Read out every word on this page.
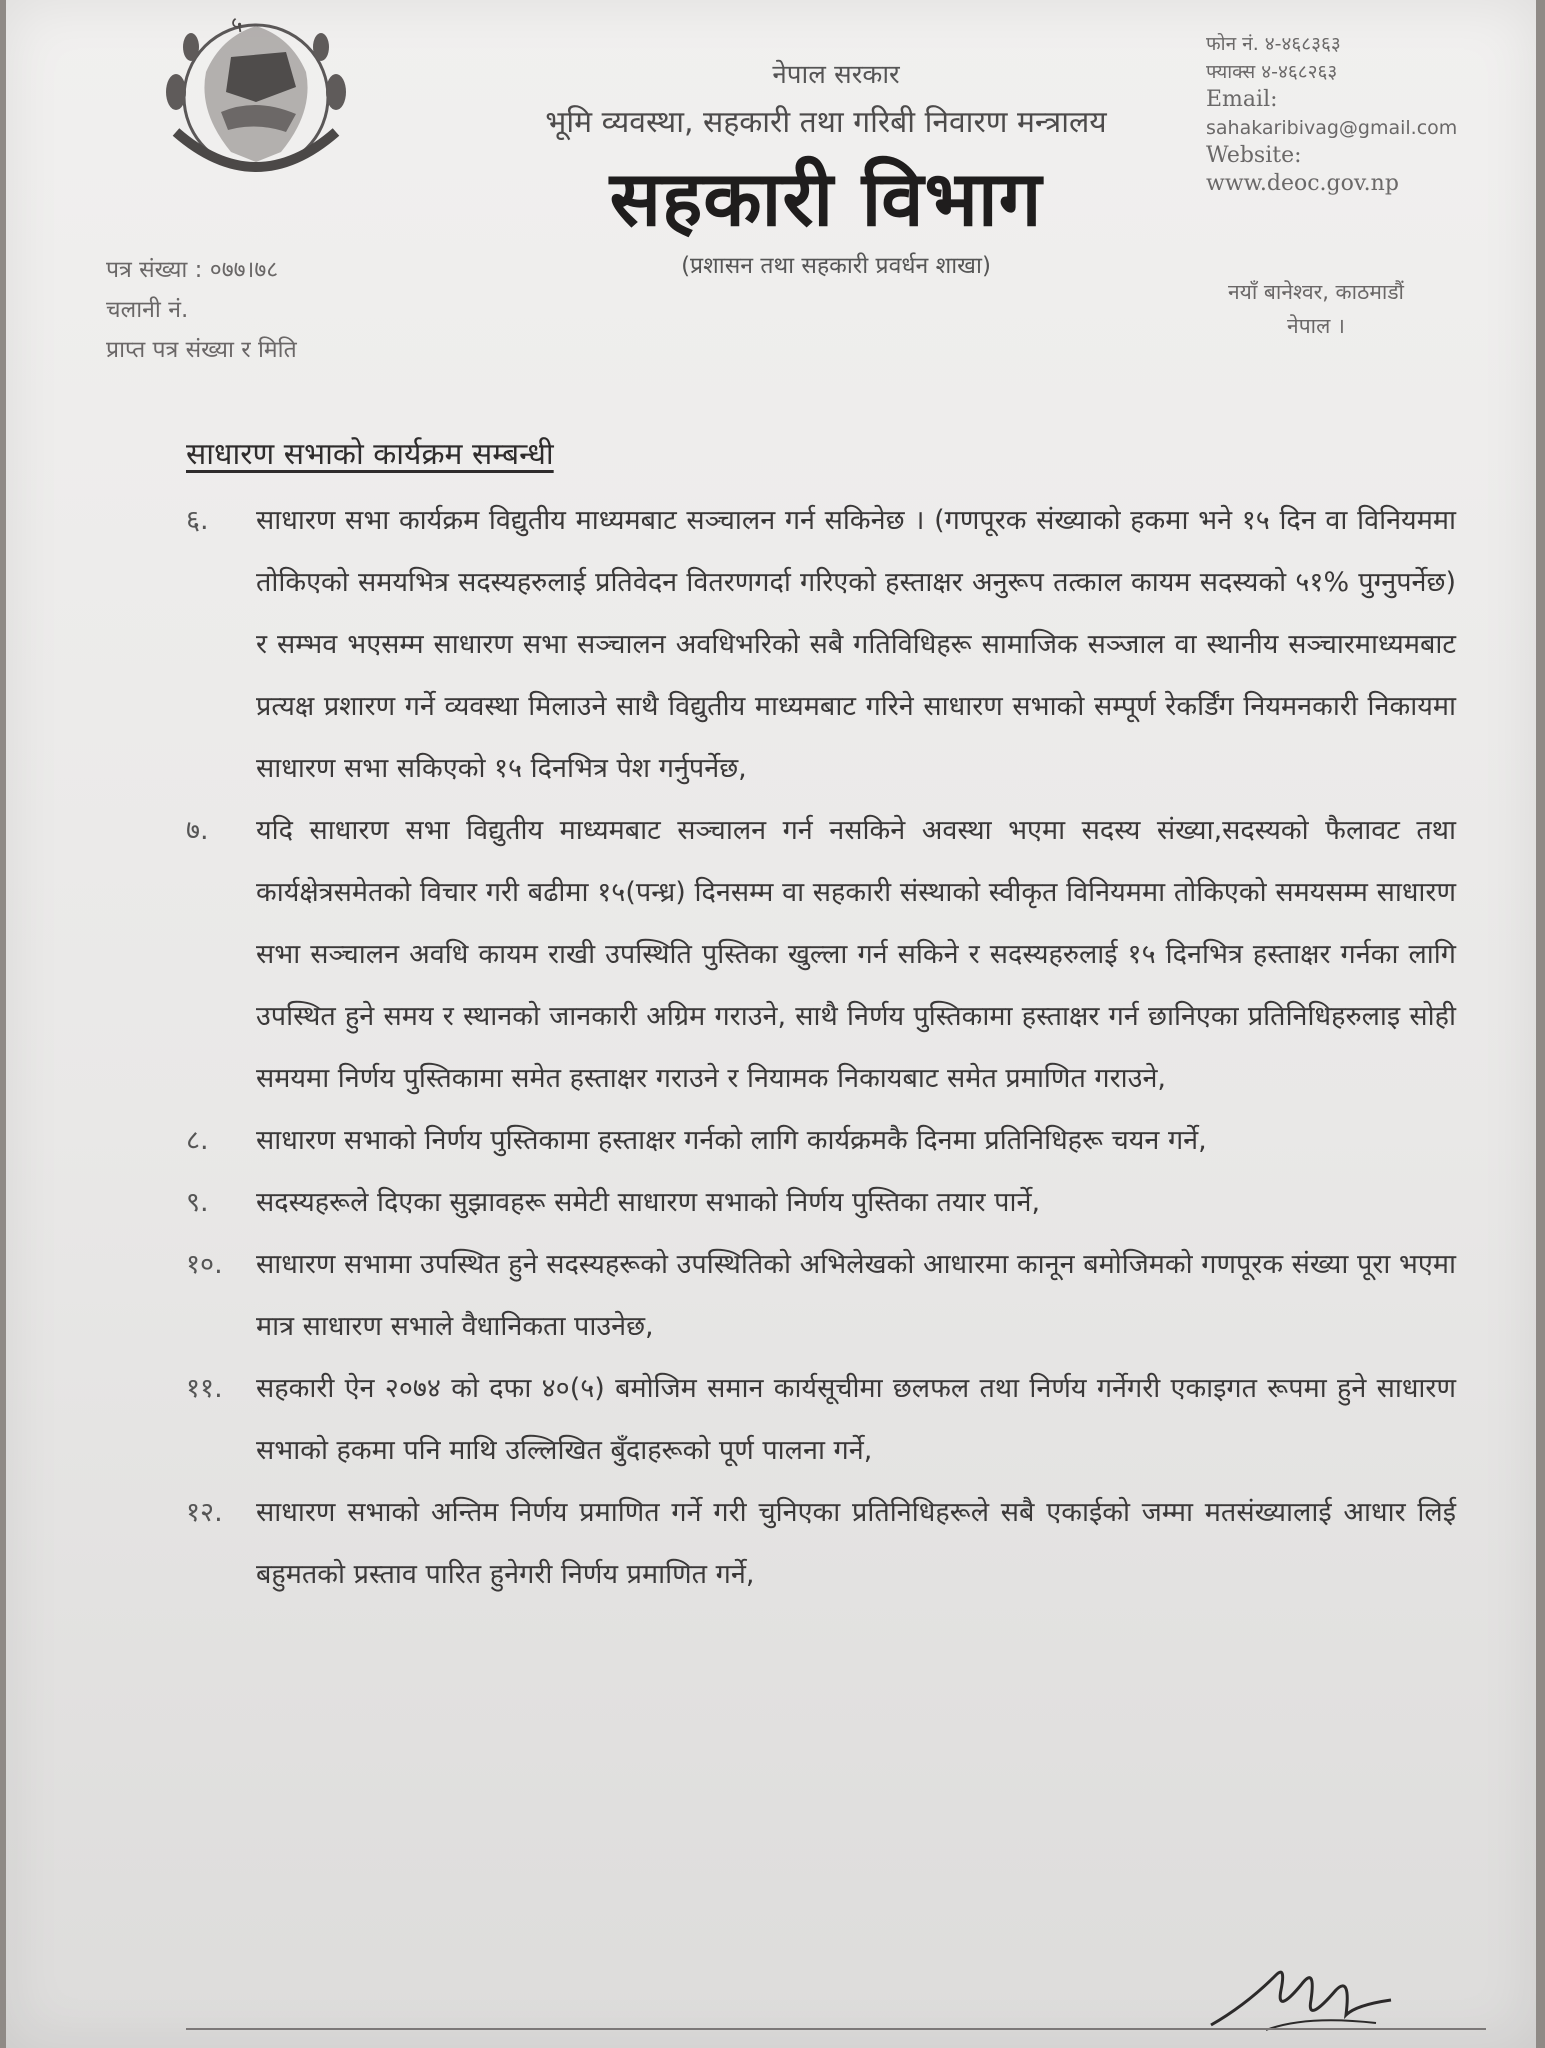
५
नेपाल सरकार
भूमि व्यवस्था, सहकारी तथा गरिबी निवारण मन्त्रालय
सहकारी विभाग
(प्रशासन तथा सहकारी प्रवर्धन शाखा)
फोन नं. ४-४६८३६३
फ्याक्स ४-४६८२६३
Email:
sahakaribivag@gmail.com
Website:
www.deoc.gov.np
पत्र संख्या : ०७७।७८
चलानी नं.
प्राप्त पत्र संख्या र मिति
नयाँ बानेश्वर, काठमाडौं
नेपाल ।
साधारण सभाको कार्यक्रम सम्बन्धी
६.	साधारण सभा कार्यक्रम विद्युतीय माध्यमबाट सञ्चालन गर्न सकिनेछ । (गणपूरक संख्याको हकमा भने १५ दिन वा विनियममा तोकिएको समयभित्र सदस्यहरुलाई प्रतिवेदन वितरणगर्दा गरिएको हस्ताक्षर अनुरूप तत्काल कायम सदस्यको ५१% पुग्नुपर्नेछ) र सम्भव भएसम्म साधारण सभा सञ्चालन अवधिभरिको सबै गतिविधिहरू सामाजिक सञ्जाल वा स्थानीय सञ्चारमाध्यमबाट प्रत्यक्ष प्रशारण गर्ने व्यवस्था मिलाउने साथै विद्युतीय माध्यमबाट गरिने साधारण सभाको सम्पूर्ण रेकर्डिंग नियमनकारी निकायमा साधारण सभा सकिएको १५ दिनभित्र पेश गर्नुपर्नेछ,
७.	यदि साधारण सभा विद्युतीय माध्यमबाट सञ्चालन गर्न नसकिने अवस्था भएमा सदस्य संख्या,सदस्यको फैलावट तथा कार्यक्षेत्रसमेतको विचार गरी बढीमा १५(पन्ध्र) दिनसम्म वा सहकारी संस्थाको स्वीकृत विनियममा तोकिएको समयसम्म साधारण सभा सञ्चालन अवधि कायम राखी उपस्थिति पुस्तिका खुल्ला गर्न सकिने र सदस्यहरुलाई १५ दिनभित्र हस्ताक्षर गर्नका लागि उपस्थित हुने समय र स्थानको जानकारी अग्रिम गराउने, साथै निर्णय पुस्तिकामा हस्ताक्षर गर्न छानिएका प्रतिनिधिहरुलाइ सोही समयमा निर्णय पुस्तिकामा समेत हस्ताक्षर गराउने र नियामक निकायबाट समेत प्रमाणित गराउने,
८.	साधारण सभाको निर्णय पुस्तिकामा हस्ताक्षर गर्नको लागि कार्यक्रमकै दिनमा प्रतिनिधिहरू चयन गर्ने,
९.	सदस्यहरूले दिएका सुझावहरू समेटी साधारण सभाको निर्णय पुस्तिका तयार पार्ने,
१०.	साधारण सभामा उपस्थित हुने सदस्यहरूको उपस्थितिको अभिलेखको आधारमा कानून बमोजिमको गणपूरक संख्या पूरा भएमा मात्र साधारण सभाले वैधानिकता पाउनेछ,
११.	सहकारी ऐन २०७४ को दफा ४०(५) बमोजिम समान कार्यसूचीमा छलफल तथा निर्णय गर्नेगरी एकाइगत रूपमा हुने साधारण सभाको हकमा पनि माथि उल्लिखित बुँदाहरूको पूर्ण पालना गर्ने,
१२.	साधारण सभाको अन्तिम निर्णय प्रमाणित गर्ने गरी चुनिएका प्रतिनिधिहरूले सबै एकाईको जम्मा मतसंख्यालाई आधार लिई बहुमतको प्रस्ताव पारित हुनेगरी निर्णय प्रमाणित गर्ने,
